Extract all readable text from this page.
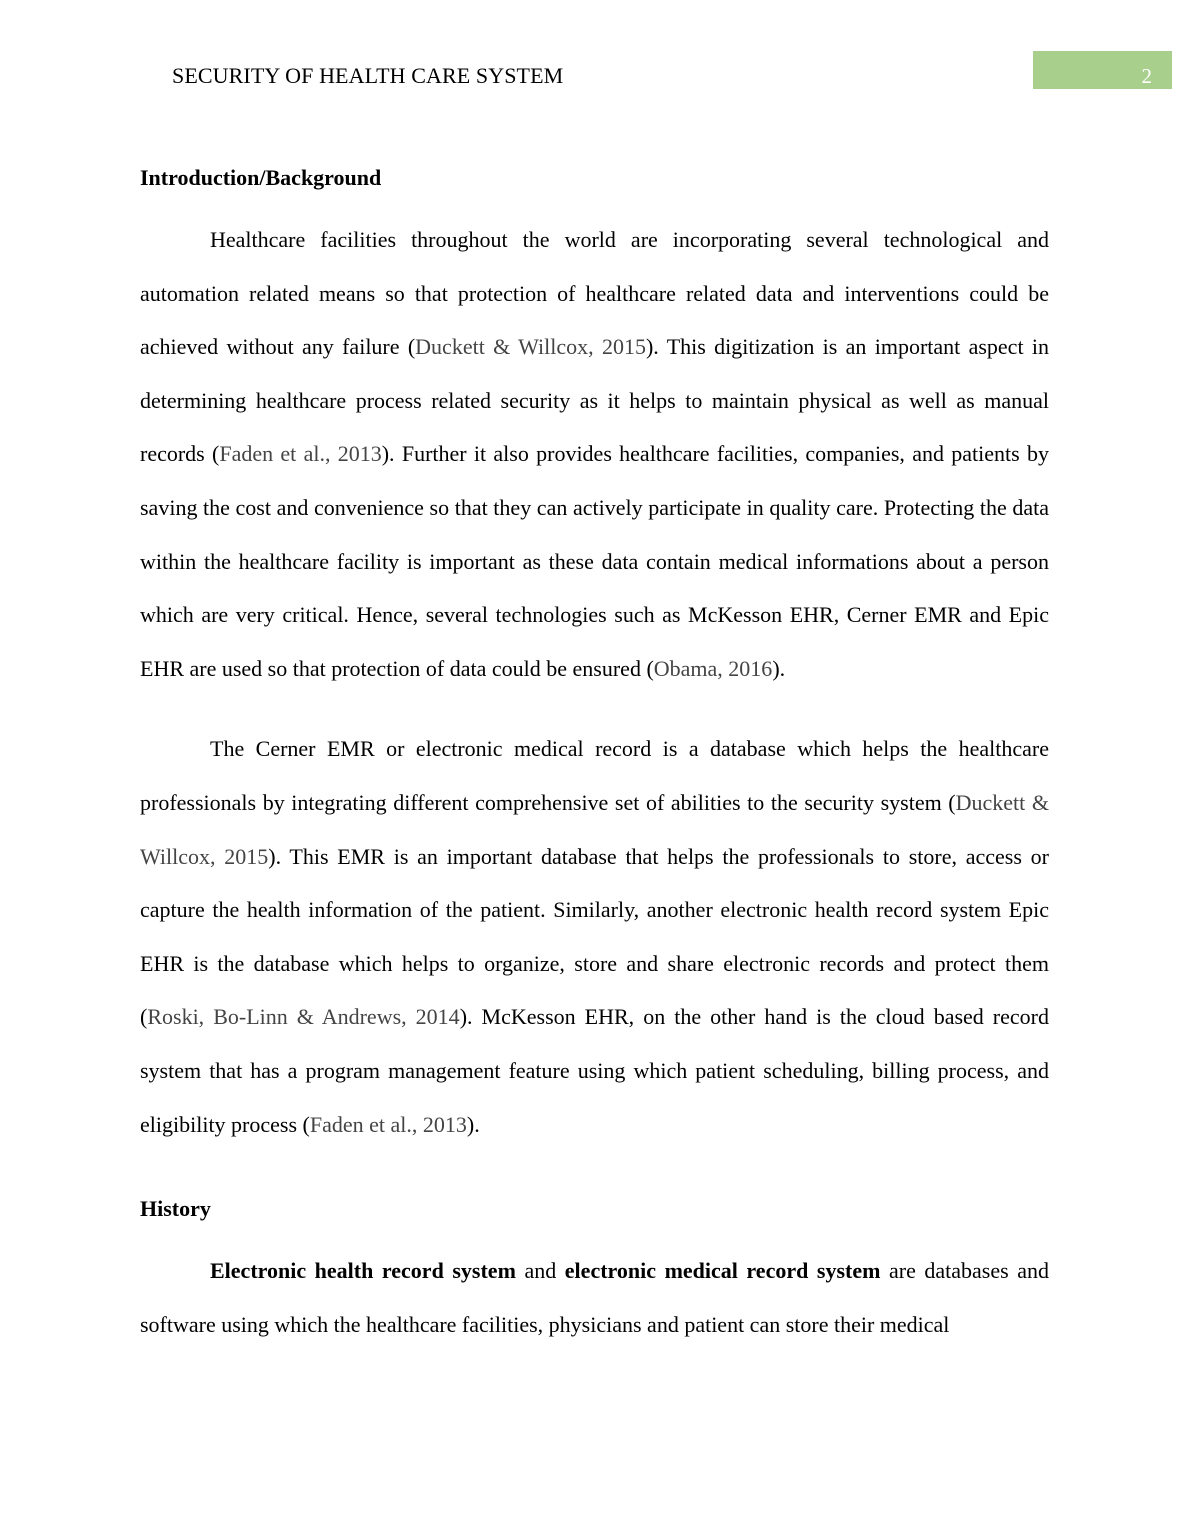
SECURITY OF HEALTH CARE SYSTEM	2
Introduction/Background

Healthcare facilities throughout the world are incorporating several technological and automation related means so that protection of healthcare related data and interventions could be achieved without any failure (Duckett & Willcox, 2015). This digitization is an important aspect in determining healthcare process related security as it helps to maintain physical as well as manual records (Faden et al., 2013). Further it also provides healthcare facilities, companies, and patients by saving the cost and convenience so that they can actively participate in quality care. Protecting the data within the healthcare facility is important as these data contain medical informations about a person which are very critical. Hence, several technologies such as McKesson EHR, Cerner EMR and Epic EHR are used so that protection of data could be ensured (Obama, 2016).

The Cerner EMR or electronic medical record is a database which helps the healthcare professionals by integrating different comprehensive set of abilities to the security system (Duckett & Willcox, 2015). This EMR is an important database that helps the professionals to store, access or capture the health information of the patient. Similarly, another electronic health record system Epic EHR is the database which helps to organize, store and share electronic records and protect them (Roski, Bo-Linn & Andrews, 2014). McKesson EHR, on the other hand is the cloud based record system that has a program management feature using which patient scheduling, billing process, and eligibility process (Faden et al., 2013).

History

Electronic health record system and electronic medical record system are databases and software using which the healthcare facilities, physicians and patient can store their medical
